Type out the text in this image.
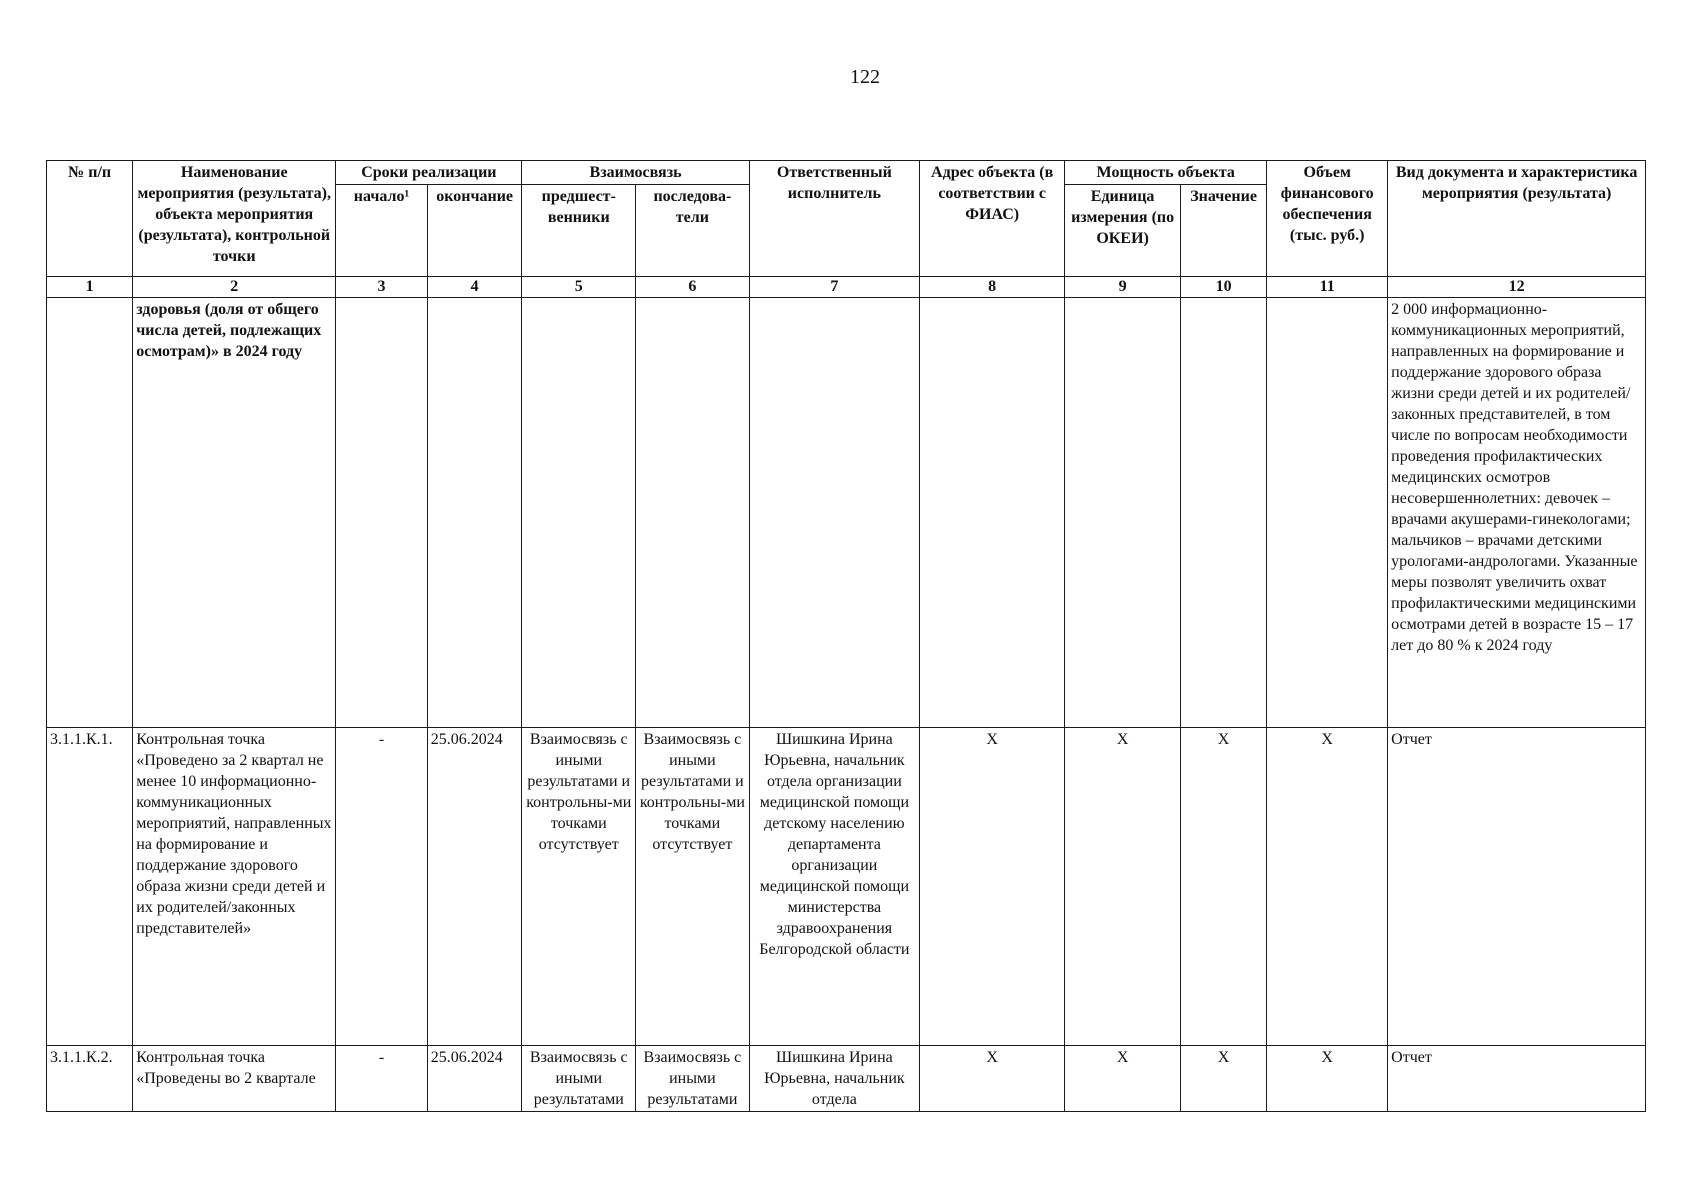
122
№ п/п	Наименование мероприятия (результата), объекта мероприятия (результата), контрольной точки	Сроки реализации		Взаимосвязь		Ответственный исполнитель	Адрес объекта (в соответствии с ФИАС)	Мощность объекта		Объем финансового обеспечения (тыс. руб.)	Вид документа и характеристика мероприятия (результата)
		начало¹	окончание	предшест-венники	последова-тели			Единица измерения (по ОКЕИ)	Значение		
1	2	3	4	5	6	7	8	9	10	11	12
	здоровья (доля от общего числа детей, подлежащих осмотрам)» в 2024 году										2 000 информационно-коммуникационных мероприятий, направленных на формирование и поддержание здорового образа жизни среди детей и их родителей/законных представителей, в том числе по вопросам необходимости проведения профилактических медицинских осмотров несовершеннолетних: девочек – врачами акушерами-гинекологами; мальчиков – врачами детскими урологами-андрологами. Указанные меры позволят увеличить охват профилактическими медицинскими осмотрами детей в возрасте 15 – 17 лет до 80 % к 2024 году
3.1.1.К.1.	Контрольная точка «Проведено за 2 квартал не менее 10 информационно-коммуникационных мероприятий, направленных на формирование и поддержание здорового образа жизни среди детей и их родителей/законных представителей»	-	25.06.2024	Взаимосвязь с иными результатами и контрольны-ми точками отсутствует	Взаимосвязь с иными результатами и контрольны-ми точками отсутствует	Шишкина Ирина Юрьевна, начальник отдела организации медицинской помощи детскому населению департамента организации медицинской помощи министерства здравоохранения Белгородской области	Х	Х	Х	Х	Отчет
3.1.1.К.2.	Контрольная точка «Проведены во 2 квартале	-	25.06.2024	Взаимосвязь с иными результатами	Взаимосвязь с иными результатами	Шишкина Ирина Юрьевна, начальник отдела	Х	Х	Х	Х	Отчет
